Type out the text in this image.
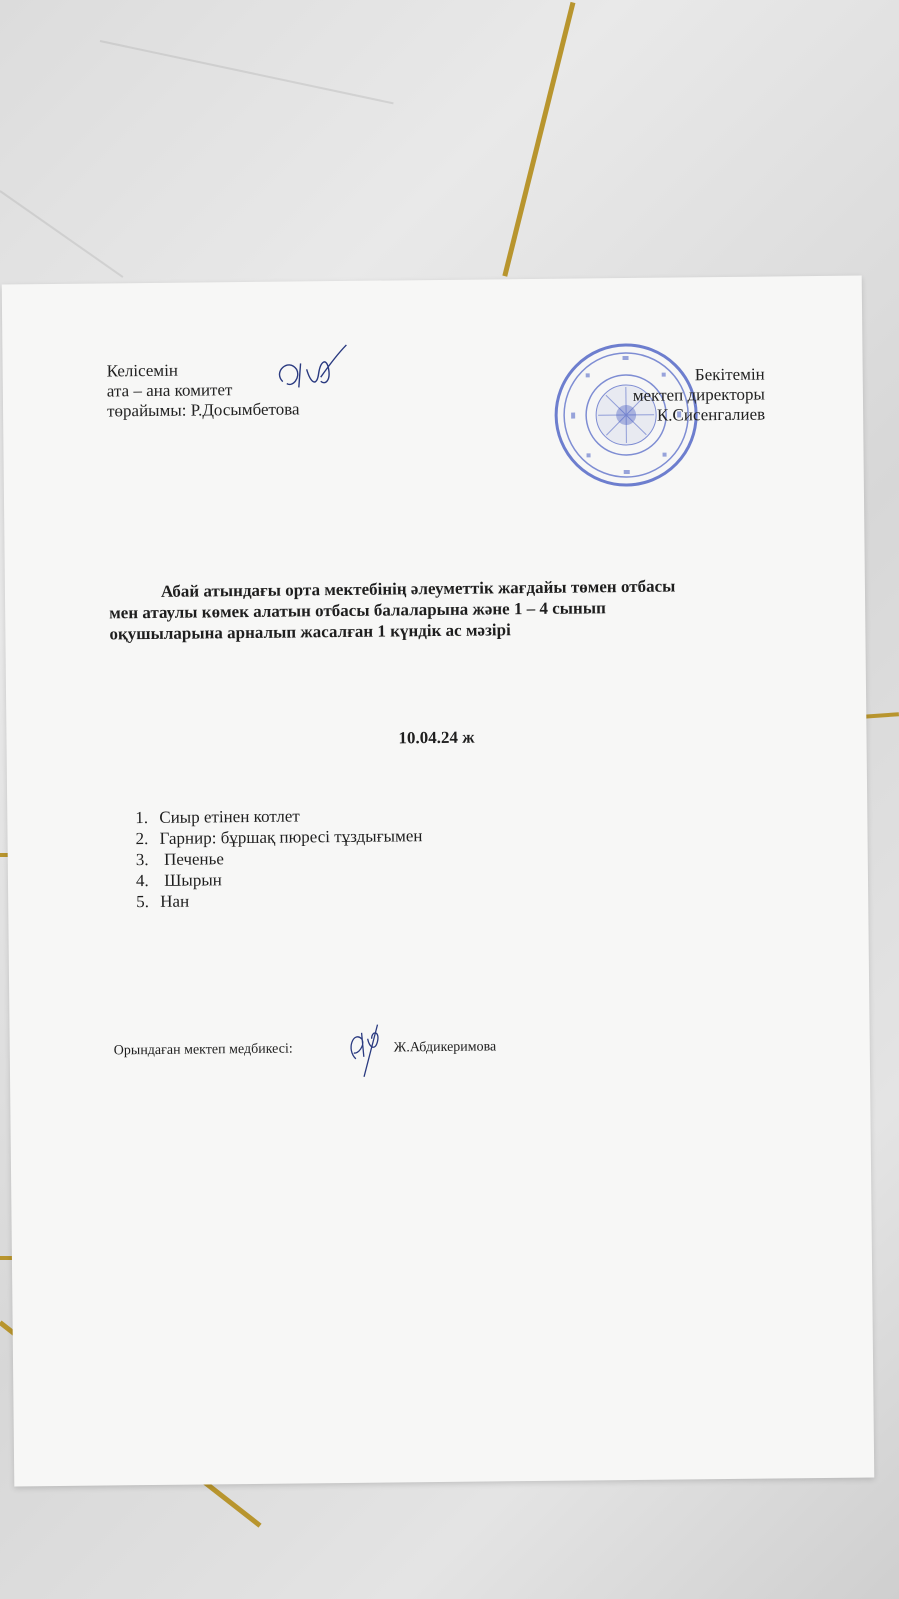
Келісемін
ата – ана комитет
төрайымы: Р.Досымбетова
Бекітемін
мектеп директоры
К.Сисенгалиев
Абай атындағы орта мектебінің әлеуметтік жағдайы төмен отбасы
мен атаулы көмек алатын отбасы балаларына және 1 – 4 сынып
оқушыларына арналып жасалған 1 күндік ас мәзірі
10.04.24 ж
1. Сиыр етінен котлет
2. Гарнир: бұршақ пюресі тұздығымен
3. Печенье
4. Шырын
5. Нан
Орындаған мектеп медбикесі:	Ж.Абдикеримова
